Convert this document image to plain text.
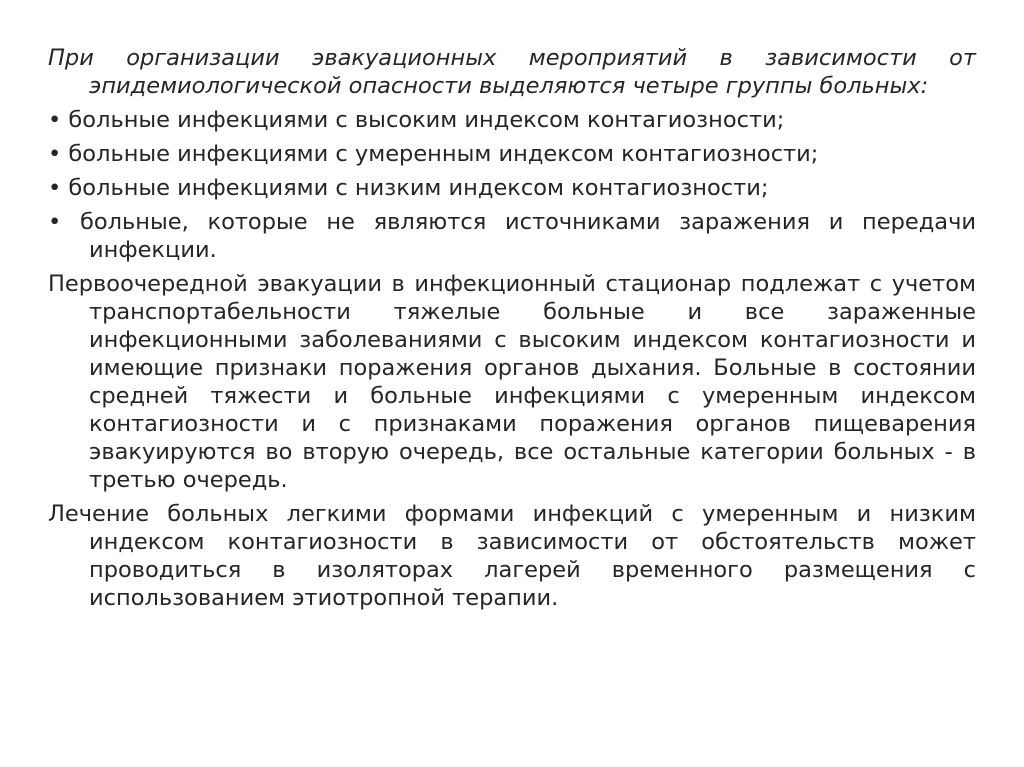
При организации эвакуационных мероприятий в зависимости от эпидемиологической опасности выделяются четыре группы больных:

• больные инфекциями с высоким индексом контагиозности;

• больные инфекциями с умеренным индексом контагиозности;

• больные инфекциями с низким индексом контагиозности;

• больные, которые не являются источниками заражения и передачи инфекции.

Первоочередной эвакуации в инфекционный стационар подлежат с учетом транспортабельности тяжелые больные и все зараженные инфекционными заболеваниями с высоким индексом контагиозности и имеющие признаки поражения органов дыхания. Больные в состоянии средней тяжести и больные инфекциями с умеренным индексом контагиозности и с признаками поражения органов пищеварения эвакуируются во вторую очередь, все остальные категории больных - в третью очередь.

Лечение больных легкими формами инфекций с умеренным и низким индексом контагиозности в зависимости от обстоятельств может проводиться в изоляторах лагерей временного размещения с использованием этиотропной терапии.
